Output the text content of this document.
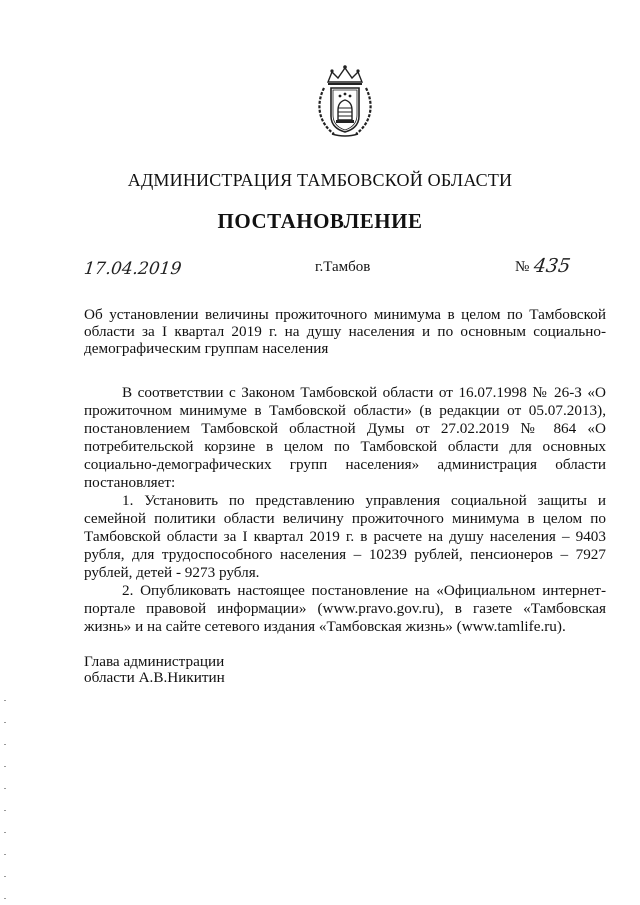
АДМИНИСТРАЦИЯ ТАМБОВСКОЙ ОБЛАСТИ
ПОСТАНОВЛЕНИЕ
17.04.2019	г.Тамбов	№ 435
Об установлении величины прожиточного минимума в целом по Тамбовской области за I квартал 2019 г. на душу населения и по основным социально-демографическим группам населения

В соответствии с Законом Тамбовской области от 16.07.1998 № 26-З «О прожиточном минимуме в Тамбовской области» (в редакции от 05.07.2013), постановлением Тамбовской областной Думы от 27.02.2019 № 864 «О потребительской корзине в целом по Тамбовской области для основных социально-демографических групп населения» администрация области постановляет:

1. Установить по представлению управления социальной защиты и семейной политики области величину прожиточного минимума в целом по Тамбовской области за I квартал 2019 г. в расчете на душу населения – 9403 рубля, для трудоспособного населения – 10239 рублей, пенсионеров – 7927 рублей, детей - 9273 рубля.

2. Опубликовать настоящее постановление на «Официальном интернет-портале правовой информации» (www.pravo.gov.ru), в газете «Тамбовская жизнь» и на сайте сетевого издания «Тамбовская жизнь» (www.tamlife.ru).

Глава администрации
области А.В.Никитин
